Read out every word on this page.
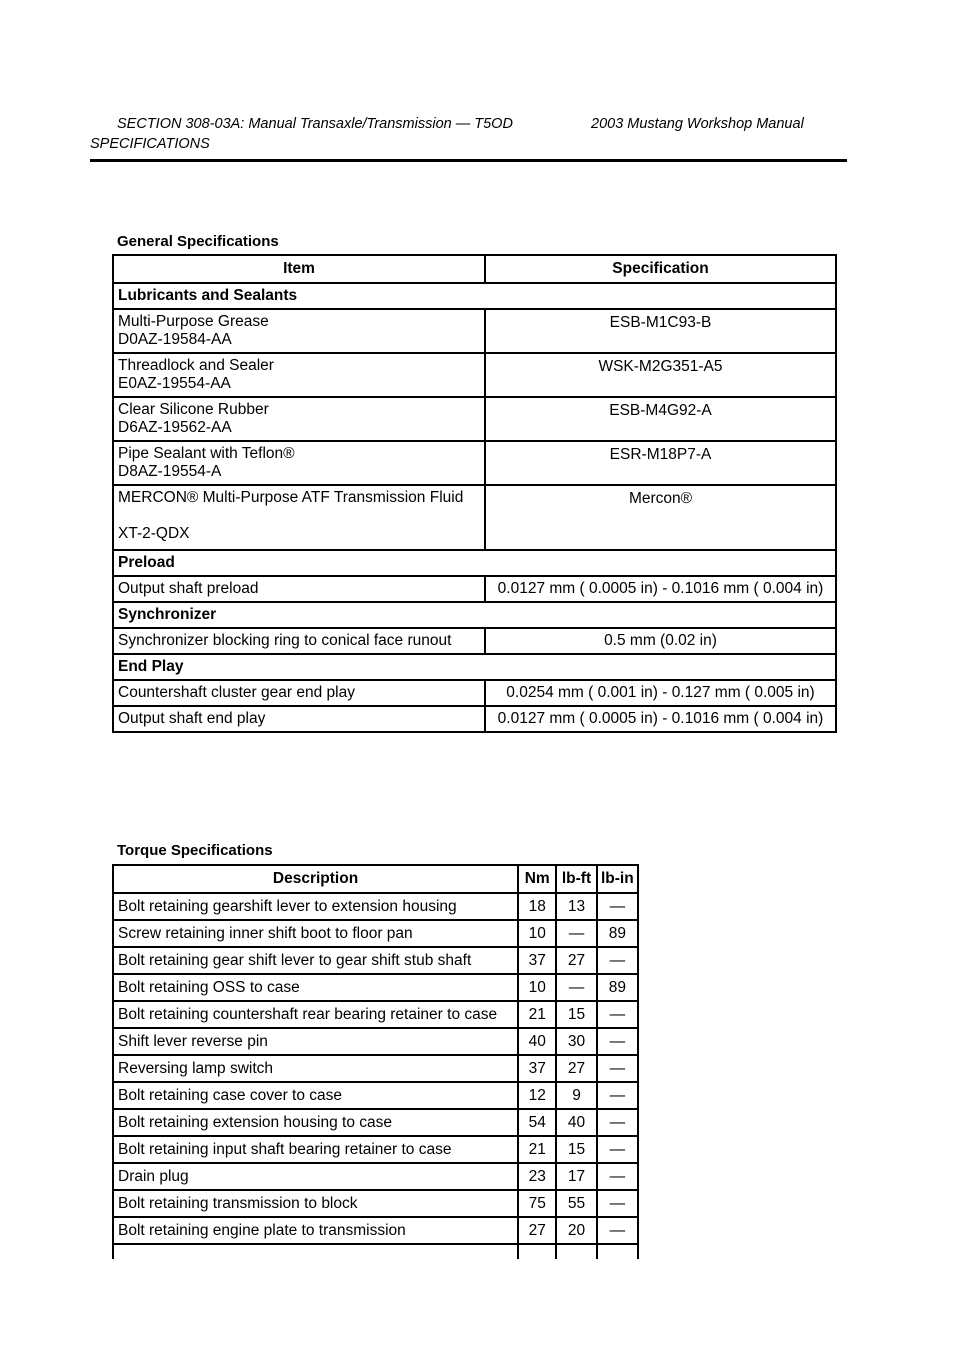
SECTION 308-03A: Manual Transaxle/Transmission — T5OD	2003 Mustang Workshop Manual
SPECIFICATIONS
General Specifications
Item	Specification
Lubricants and Sealants	

Multi-Purpose Grease
D0AZ-19584-AA	ESB-M1C93-B

Threadlock and Sealer
E0AZ-19554-AA	WSK-M2G351-A5

Clear Silicone Rubber
D6AZ-19562-AA	ESB-M4G92-A

Pipe Sealant with Teflon®
D8AZ-19554-A	ESR-M18P7-A

MERCON® Multi-Purpose ATF Transmission Fluid
XT-2-QDX	Mercon®
Preload	
Output shaft preload	0.0127 mm ( 0.0005 in) - 0.1016 mm ( 0.004 in)
Synchronizer	
Synchronizer blocking ring to conical face runout	0.5 mm (0.02 in)
End Play	
Countershaft cluster gear end play	0.0254 mm ( 0.001 in) - 0.127 mm ( 0.005 in)
Output shaft end play	0.0127 mm ( 0.0005 in) - 0.1016 mm ( 0.004 in)
Torque Specifications
Description	Nm	lb-ft	lb-in
Bolt retaining gearshift lever to extension housing	18	13	—
Screw retaining inner shift boot to floor pan	10	—	89
Bolt retaining gear shift lever to gear shift stub shaft	37	27	—
Bolt retaining OSS to case	10	—	89
Bolt retaining countershaft rear bearing retainer to case	21	15	—
Shift lever reverse pin	40	30	—
Reversing lamp switch	37	27	—
Bolt retaining case cover to case	12	9	—
Bolt retaining extension housing to case	54	40	—
Bolt retaining input shaft bearing retainer to case	21	15	—
Drain plug	23	17	—
Bolt retaining transmission to block	75	55	—
Bolt retaining engine plate to transmission	27	20	—
